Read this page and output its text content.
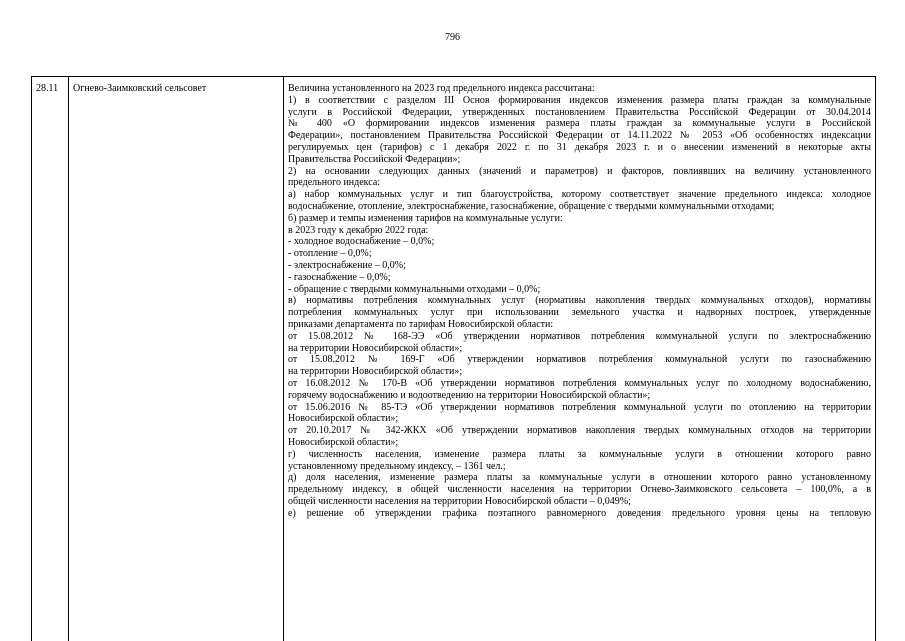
796
28.11	Огнево-Заимковский сельсовет	Величина установленного на 2023 год предельного индекса рассчитана:
1) в соответствии с разделом III Основ формирования индексов изменения размера платы граждан за коммунальные
услуги в Российской Федерации, утвержденных постановлением Правительства Российской Федерации от 30.04.2014
№ 400 «О формировании индексов изменения размера платы граждан за коммунальные услуги в Российской
Федерации», постановлением Правительства Российской Федерации от 14.11.2022 № 2053 «Об особенностях индексации
регулируемых цен (тарифов) с 1 декабря 2022 г. по 31 декабря 2023 г. и о внесении изменений в некоторые акты
Правительства Российской Федерации»;
2) на основании следующих данных (значений и параметров) и факторов, повлиявших на величину установленного
предельного индекса:
а) набор коммунальных услуг и тип благоустройства, которому соответствует значение предельного индекса: холодное
водоснабжение, отопление, электроснабжение, газоснабжение, обращение с твердыми коммунальными отходами;
б) размер и темпы изменения тарифов на коммунальные услуги:
в 2023 году к декабрю 2022 года:
- холодное водоснабжение – 0,0%;
- отопление – 0,0%;
- электроснабжение – 0,0%;
- газоснабжение – 0,0%;
- обращение с твердыми коммунальными отходами – 0,0%;
в) нормативы потребления коммунальных услуг (нормативы накопления твердых коммунальных отходов), нормативы
потребления коммунальных услуг при использовании земельного участка и надворных построек, утвержденные
приказами департамента по тарифам Новосибирской области:
от 15.08.2012 № 168-ЭЭ «Об утверждении нормативов потребления коммунальной услуги по электроснабжению
на территории Новосибирской области»;
от 15.08.2012 № 169-Г «Об утверждении нормативов потребления коммунальной услуги по газоснабжению
на территории Новосибирской области»;
от 16.08.2012 № 170-В «Об утверждении нормативов потребления коммунальных услуг по холодному водоснабжению,
горячему водоснабжению и водоотведению на территории Новосибирской области»;
от 15.06.2016 № 85-ТЭ «Об утверждении нормативов потребления коммунальной услуги по отоплению на территории
Новосибирской области»;
от 20.10.2017 № 342-ЖКХ «Об утверждении нормативов накопления твердых коммунальных отходов на территории
Новосибирской области»;
г) численность населения, изменение размера платы за коммунальные услуги в отношении которого равно
установленному предельному индексу, – 1361 чел.;
д) доля населения, изменение размера платы за коммунальные услуги в отношении которого равно установленному
предельному индексу, в общей численности населения на территории Огнево-Заимковского сельсовета – 100,0%, а в
общей численности населения на территории Новосибирской области – 0,049%;
е) решение об утверждении графика поэтапного равномерного доведения предельного уровня цены на тепловую
